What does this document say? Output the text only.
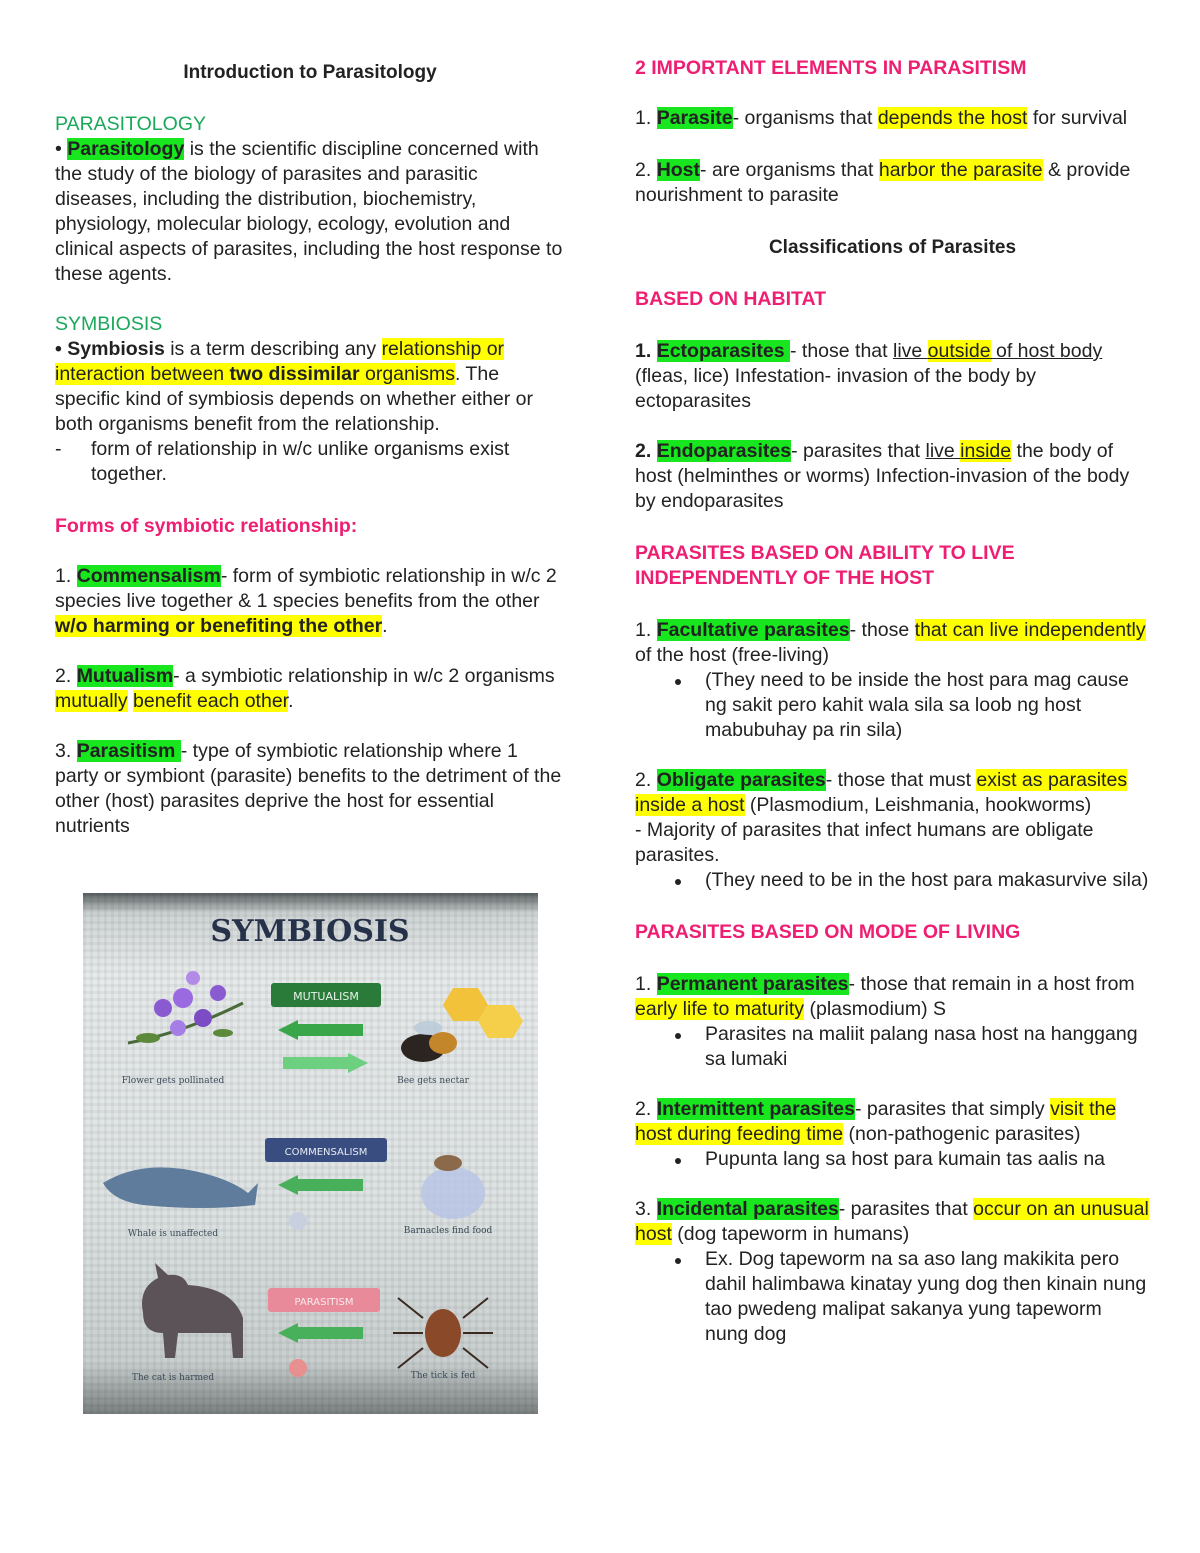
Introduction to Parasitology

PARASITOLOGY

• Parasitology is the scientific discipline concerned with the study of the biology of parasites and parasitic diseases, including the distribution, biochemistry, physiology, molecular biology, ecology, evolution and clinical aspects of parasites, including the host response to these agents.

SYMBIOSIS

• Symbiosis is a term describing any relationship or interaction between two dissimilar organisms. The specific kind of symbiosis depends on whether either or both organisms benefit from the relationship.

- form of relationship in w/c unlike organisms exist together.

Forms of symbiotic relationship:

1. Commensalism- form of symbiotic relationship in w/c 2 species live together & 1 species benefits from the other w/o harming or benefiting the other.

2. Mutualism- a symbiotic relationship in w/c 2 organisms mutually benefit each other.

3. Parasitism - type of symbiotic relationship where 1 party or symbiont (parasite) benefits to the detriment of the other (host) parasites deprive the host for essential nutrients

SYMBIOSIS
MUTUALISM
Flower gets pollinated	Bee gets nectar
COMMENSALISM
Whale is unaffected	Barnacles find food
PARASITISM
The cat is harmed	The tick is fed

2 IMPORTANT ELEMENTS IN PARASITISM

1. Parasite- organisms that depends the host for survival

2. Host- are organisms that harbor the parasite & provide nourishment to parasite

Classifications of Parasites

BASED ON HABITAT

1. Ectoparasites - those that live outside of host body (fleas, lice) Infestation- invasion of the body by ectoparasites

2. Endoparasites- parasites that live inside the body of host (helminthes or worms) Infection-invasion of the body by endoparasites

PARASITES BASED ON ABILITY TO LIVE INDEPENDENTLY OF THE HOST

1. Facultative parasites- those that can live independently of the host (free-living)

(They need to be inside the host para mag cause ng sakit pero kahit wala sila sa loob ng host mabubuhay pa rin sila)

2. Obligate parasites- those that must exist as parasites inside a host (Plasmodium, Leishmania, hookworms)

- Majority of parasites that infect humans are obligate parasites.

(They need to be in the host para makasurvive sila)

PARASITES BASED ON MODE OF LIVING

1. Permanent parasites- those that remain in a host from early life to maturity (plasmodium) S

Parasites na maliit palang nasa host na hanggang sa lumaki

2. Intermittent parasites- parasites that simply visit the host during feeding time (non-pathogenic parasites)

Pupunta lang sa host para kumain tas aalis na

3. Incidental parasites- parasites that occur on an unusual host (dog tapeworm in humans)

Ex. Dog tapeworm na sa aso lang makikita pero dahil halimbawa kinatay yung dog then kinain nung tao pwedeng malipat sakanya yung tapeworm nung dog
